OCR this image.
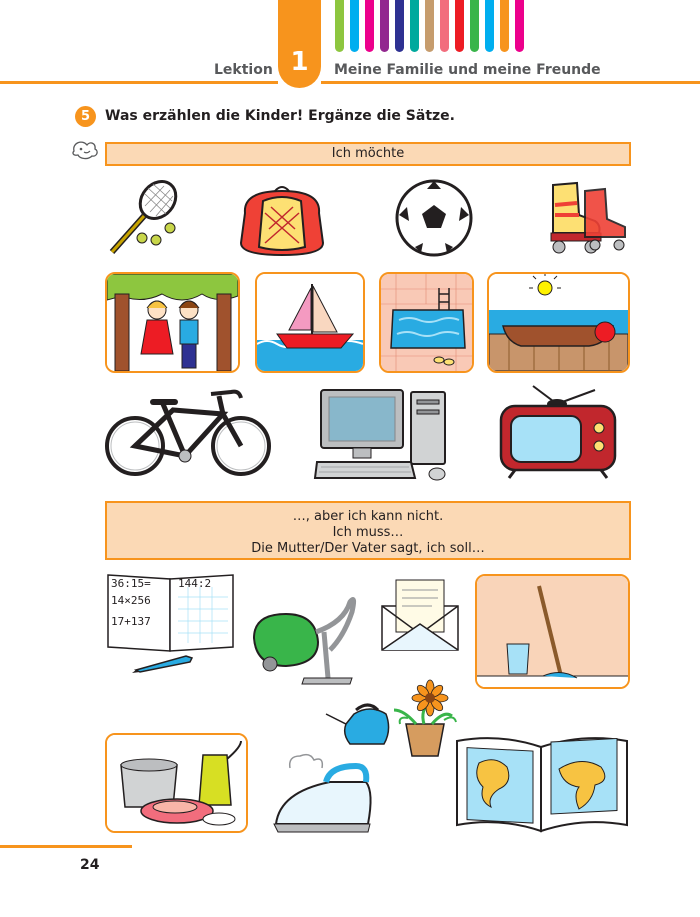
1
Lektion	Meine Familie und meine Freunde
5	Was erzählen die Kinder! Ergänze die Sätze.
Ich möchte
…, aber ich kann nicht.
Ich muss…
Die Mutter/Der Vater sagt, ich soll…
36:15=
14×256
17+137
144:2
24
